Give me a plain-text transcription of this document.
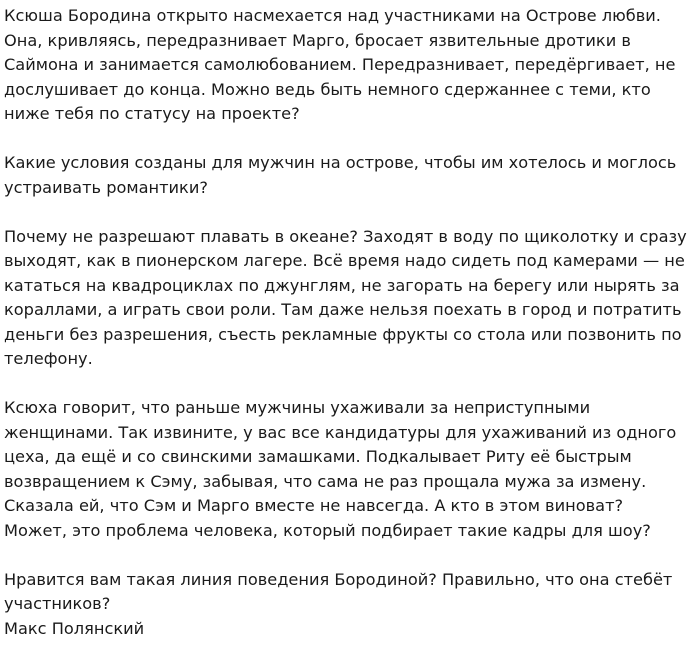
Ксюша Бородина открыто насмехается над участниками на Острове любви. Она, кривляясь, передразнивает Марго, бросает язвительные дротики в Саймона и занимается самолюбованием. Передразнивает, передёргивает, не дослушивает до конца. Можно ведь быть немного сдержаннее с теми, кто ниже тебя по статусу на проекте?

Какие условия созданы для мужчин на острове, чтобы им хотелось и моглось устраивать романтики?

Почему не разрешают плавать в океане? Заходят в воду по щиколотку и сразу выходят, как в пионерском лагере. Всё время надо сидеть под камерами — не кататься на квадроциклах по джунглям, не загорать на берегу или нырять за кораллами, а играть свои роли. Там даже нельзя поехать в город и потратить деньги без разрешения, съесть рекламные фрукты со стола или позвонить по телефону.

Ксюха говорит, что раньше мужчины ухаживали за неприступными женщинами. Так извините, у вас все кандидатуры для ухаживаний из одного цеха, да ещё и со свинскими замашками. Подкалывает Риту её быстрым возвращением к Сэму, забывая, что сама не раз прощала мужа за измену. Сказала ей, что Сэм и Марго вместе не навсегда. А кто в этом виноват? Может, это проблема человека, который подбирает такие кадры для шоу?

Нравится вам такая линия поведения Бородиной? Правильно, что она стебёт участников?

Макс Полянский
